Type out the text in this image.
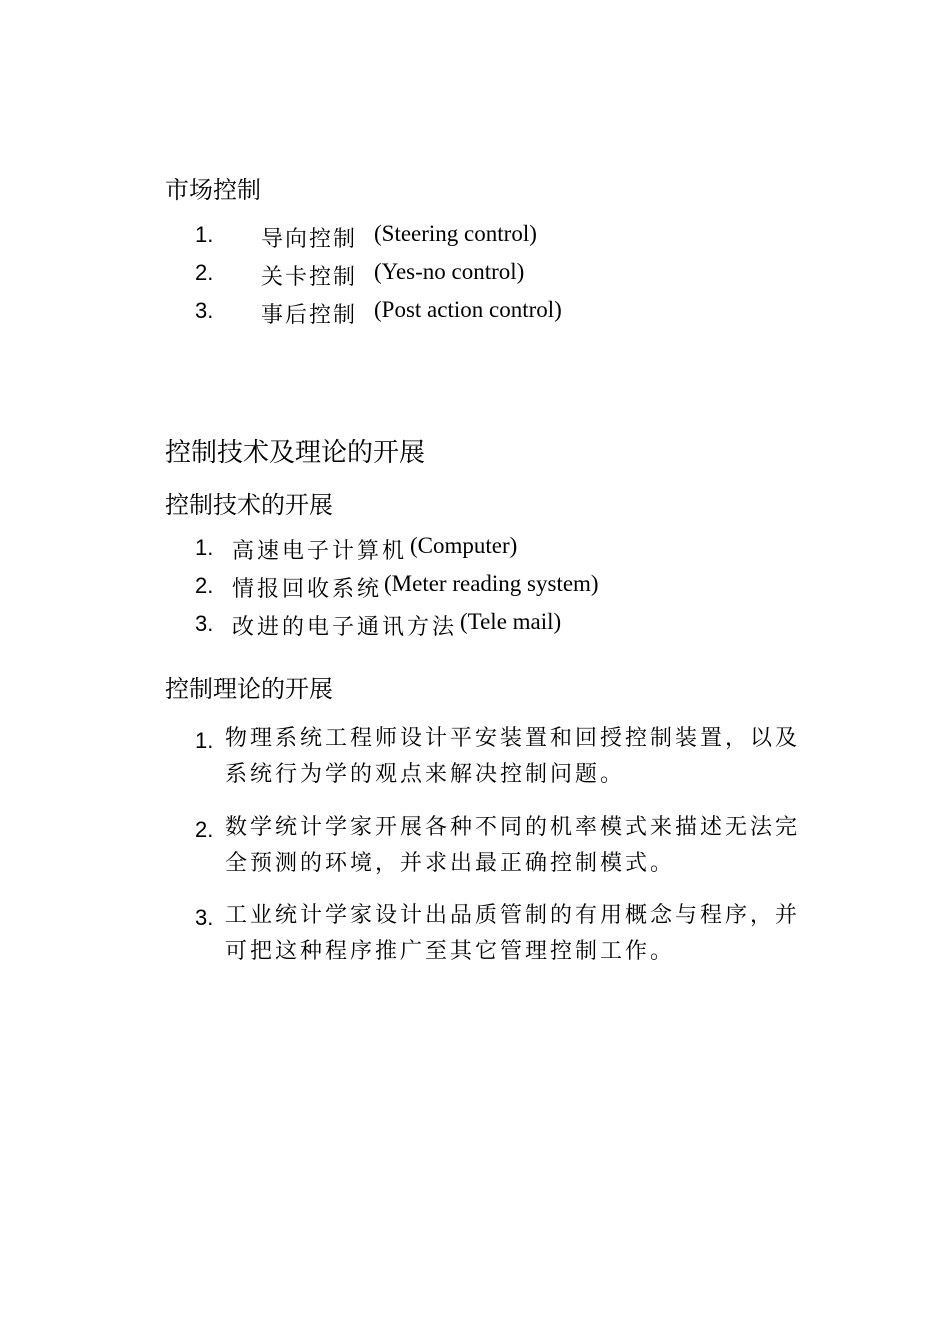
市场控制
1. 导向控制 (Steering control)
2. 关卡控制 (Yes-no control)
3. 事后控制 (Post action control)
控制技术及理论的开展
控制技术的开展
1. 高速电子计算机 (Computer)
2. 情报回收系统 (Meter reading system)
3. 改进的电子通讯方法 (Tele mail)
控制理论的开展
1. 物理系统工程师设计平安装置和回授控制装置，以及系统行为学的观点来解决控制问题。
2. 数学统计学家开展各种不同的机率模式来描述无法完全预测的环境，并求出最正确控制模式。
3. 工业统计学家设计出品质管制的有用概念与程序，并可把这种程序推广至其它管理控制工作。
